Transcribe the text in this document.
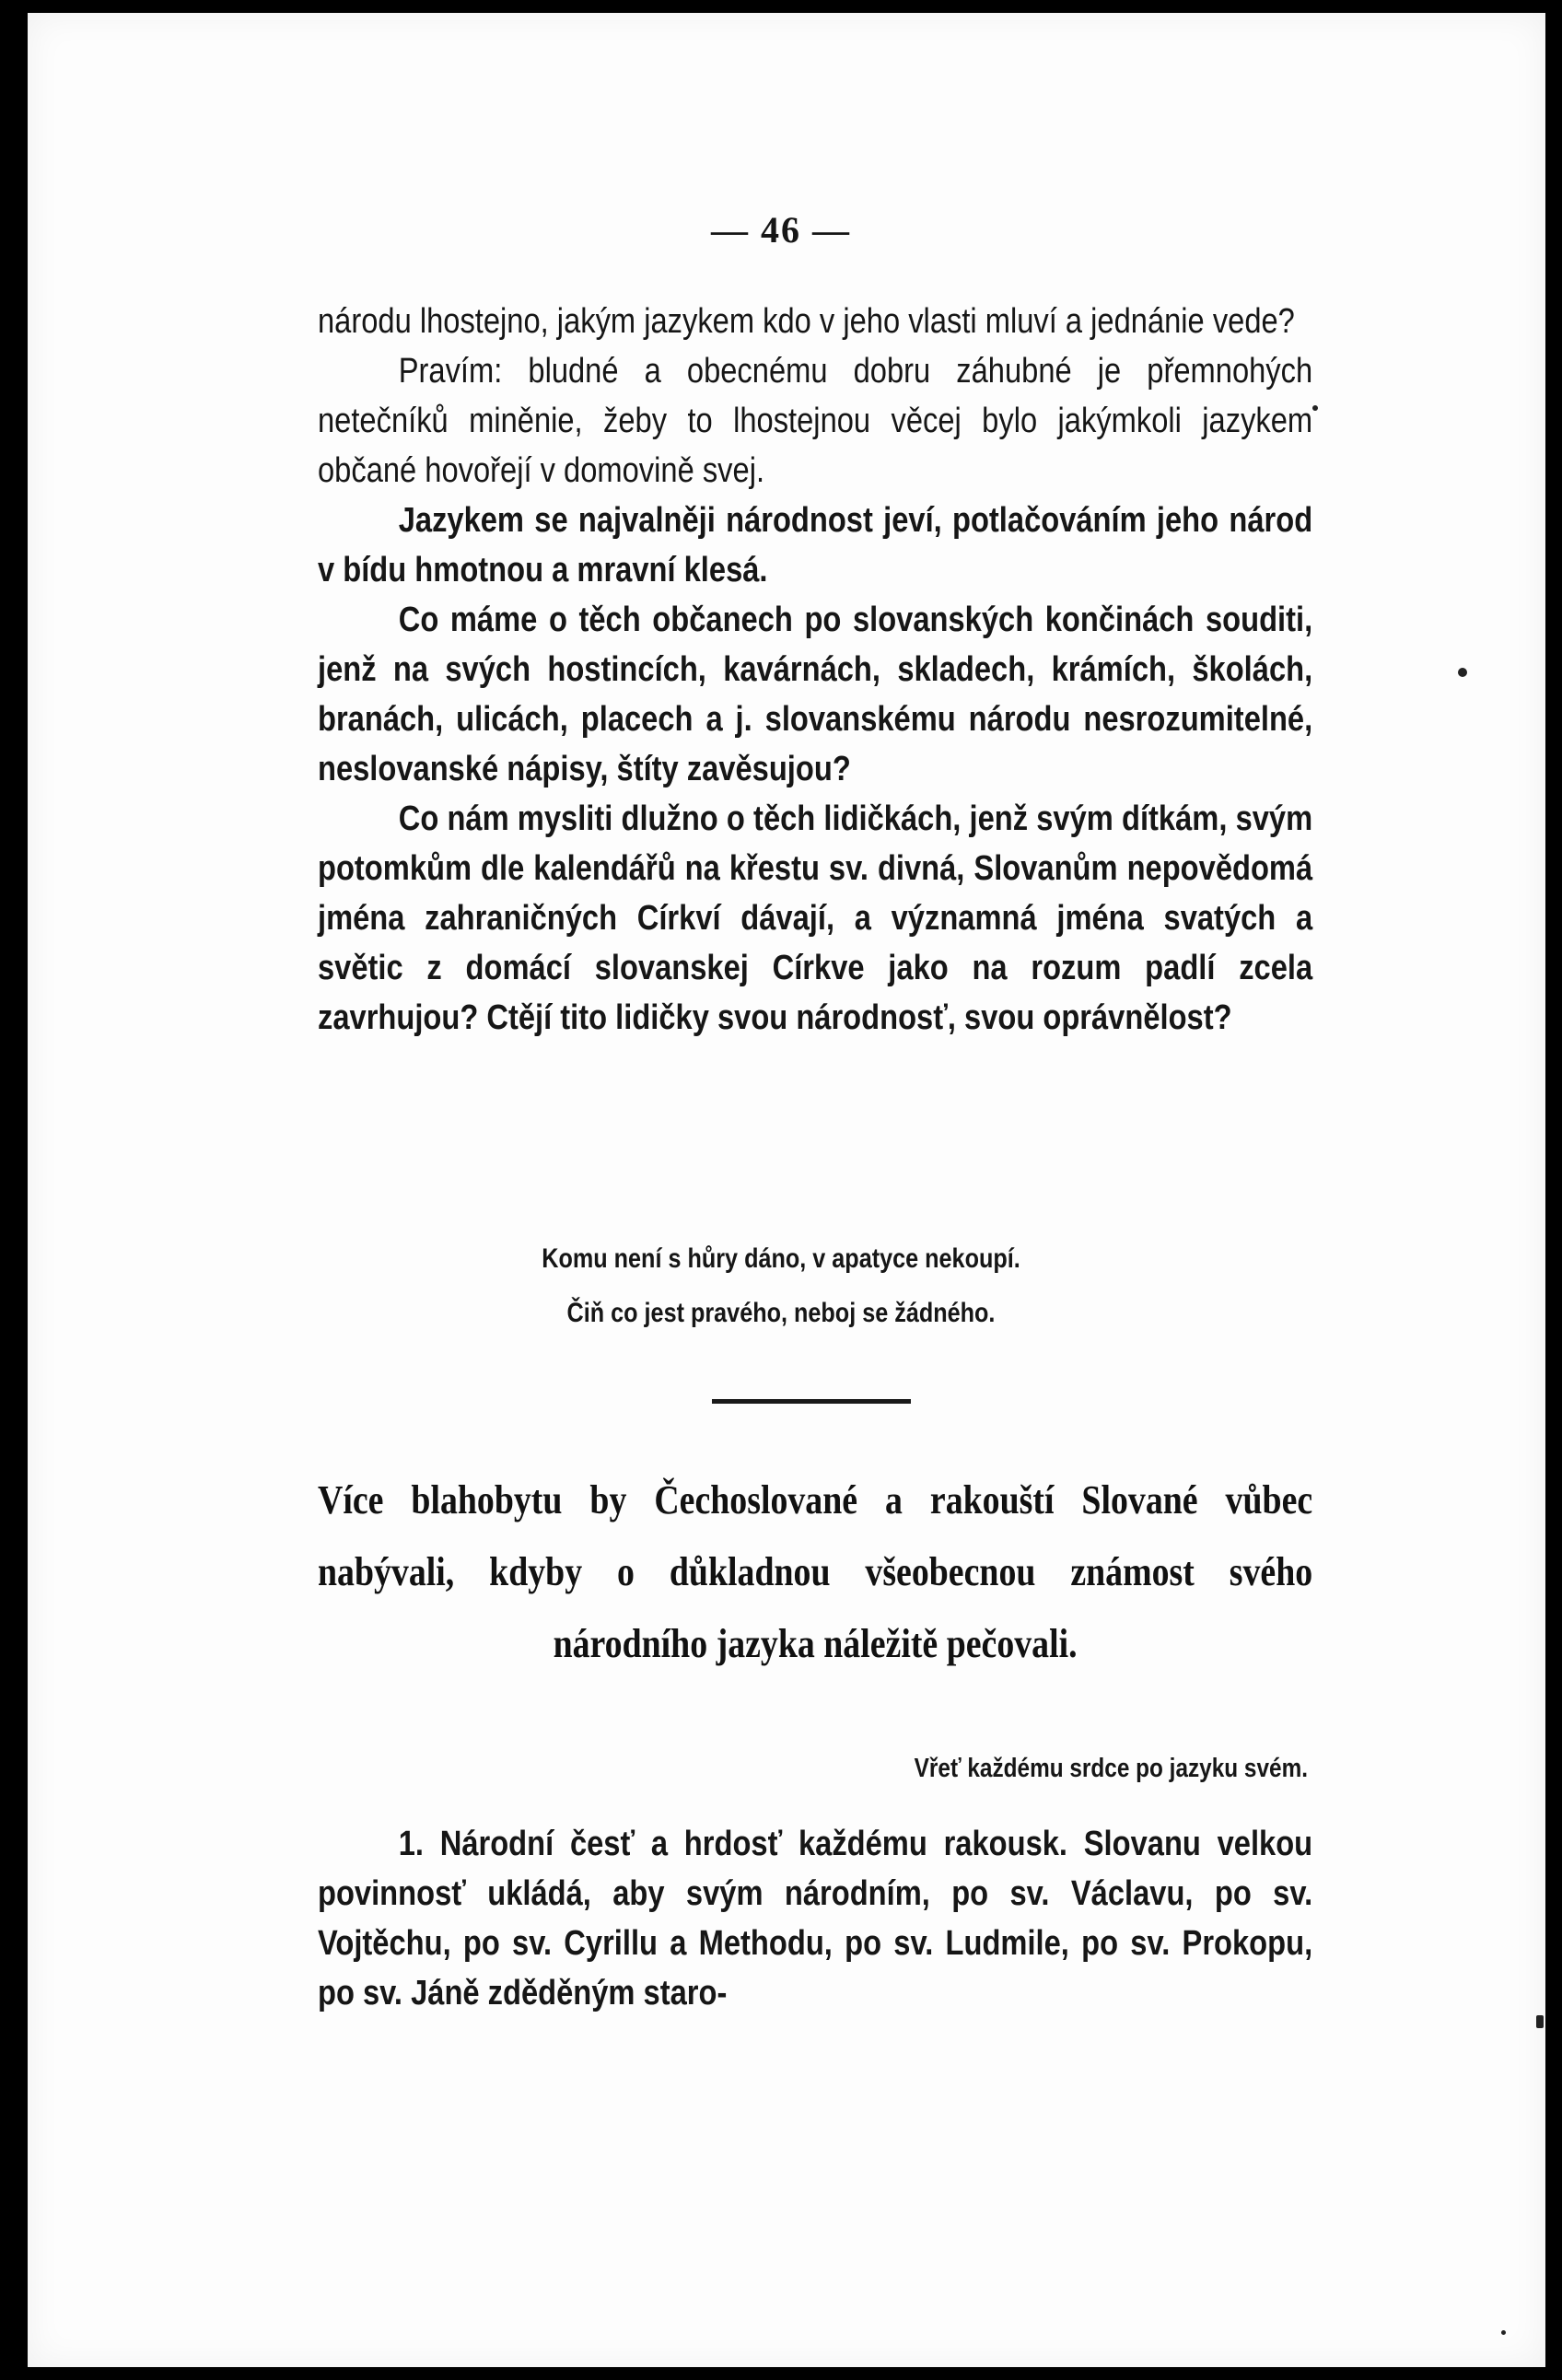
— 46 —

národu lhostejno, jakým jazykem kdo v jeho vlasti mluví a jednánie vede?

Pravím: bludné a obecnému dobru záhubné je přemnohých netečníků miněnie, žeby to lhostejnou věcej bylo jakýmkoli jazykem občané hovořejí v domovině svej.

Jazykem se najvalněji národnost jeví, potlačováním jeho národ v bídu hmotnou a mravní klesá.

Co máme o těch občanech po slovanských končinách souditi, jenž na svých hostincích, kavárnách, skladech, krámích, školách, branách, ulicách, placech a j. slovanskému národu nesrozumitelné, neslovanské nápisy, štíty zavěsujou?

Co nám mysliti dlužno o těch lidičkách, jenž svým dítkám, svým potomkům dle kalendářů na křestu sv. divná, Slovanům nepovědomá jména zahraničných Církví dávají, a významná jména svatých a světic z domácí slovanskej Církve jako na rozum padlí zcela zavrhujou? Ctějí tito lidičky svou národnosť, svou oprávnělost?

Komu není s hůry dáno, v apatyce nekoupí.
Čiň co jest pravého, neboj se žádného.
Více blahobytu by Čechoslované a rakouští Slované vůbec nabývali, kdyby o důkladnou všeobecnou známost svého národního jazyka náležitě pečovali.
Vřeť každému srdce po jazyku svém.

1. Národní česť a hrdosť každému rakousk. Slovanu velkou povinnosť ukládá, aby svým národním, po sv. Václavu, po sv. Vojtěchu, po sv. Cyrillu a Methodu, po sv. Ludmile, po sv. Prokopu, po sv. Jáně zděděným staro-
